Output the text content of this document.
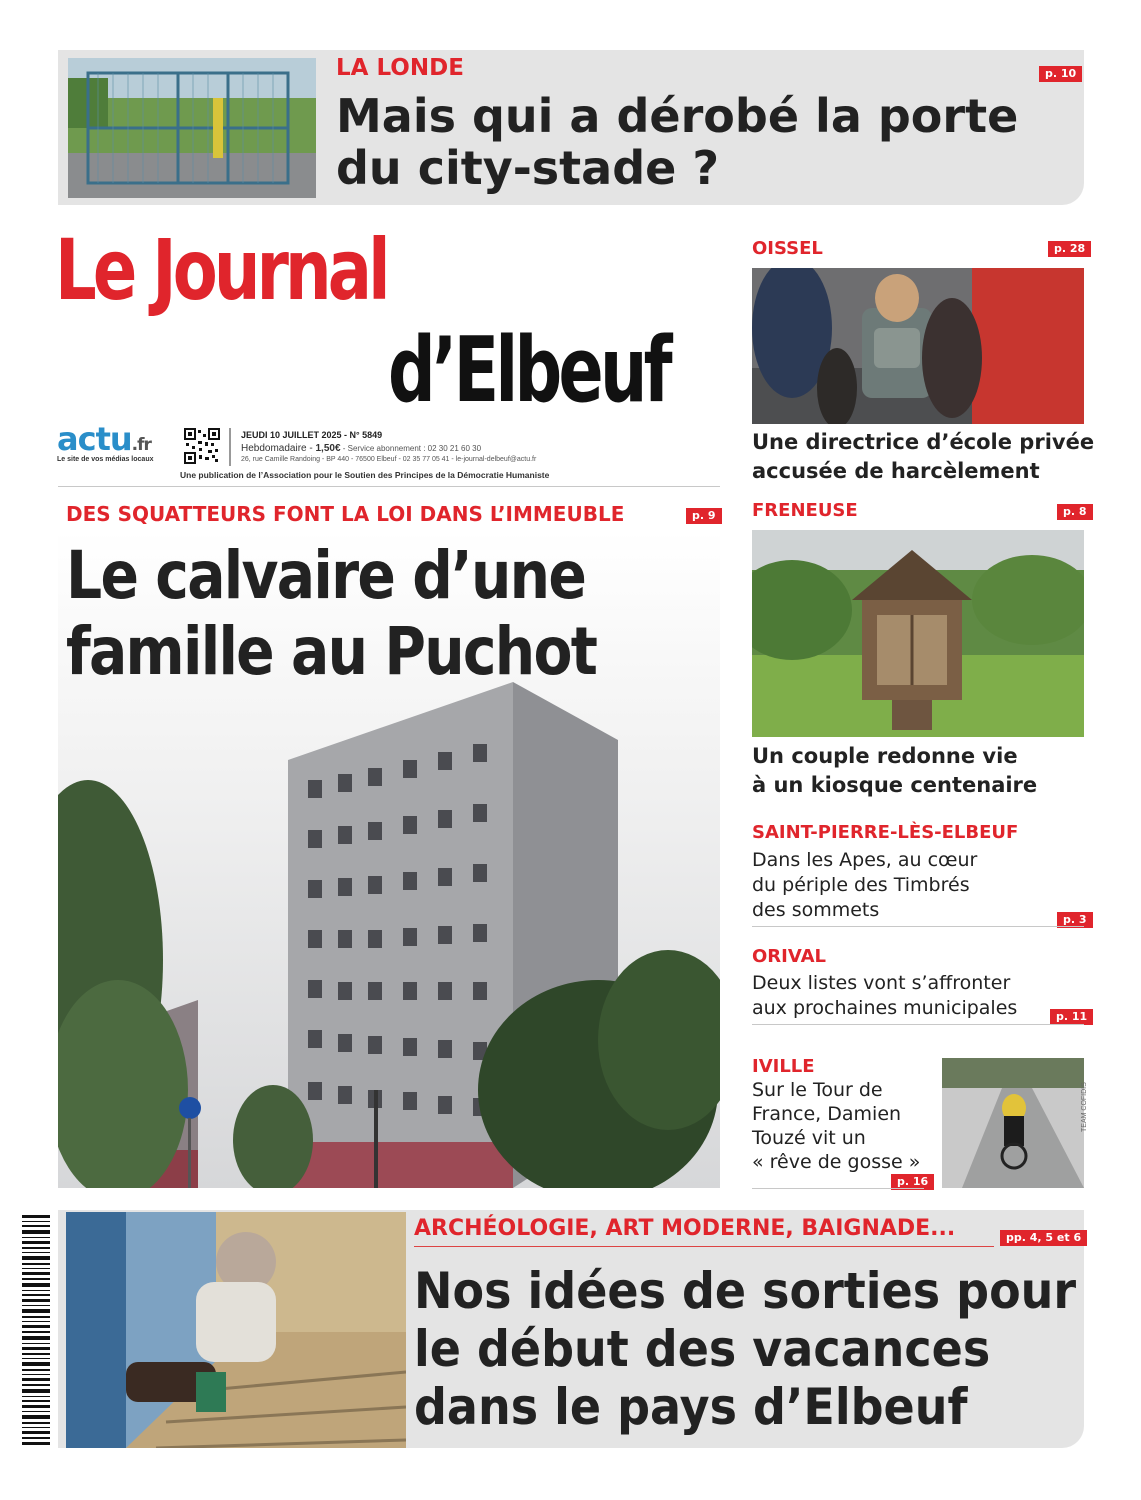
LA LONDE	p. 10
Mais qui a dérobé la porte
du city-stade ?
Le Journal
d’Elbeuf
actu.fr
Le site de vos médias locaux
JEUDI 10 JUILLET 2025 - N° 5849
Hebdomadaire - 1,50€ - Service abonnement : 02 30 21 60 30
26, rue Camille Randoing - BP 440 - 76500 Elbeuf - 02 35 77 05 41 - le-journal-delbeuf@actu.fr
Une publication de l’Association pour le Soutien des Principes de la Démocratie Humaniste
DES SQUATTEURS FONT LA LOI DANS L’IMMEUBLE	p. 9
Le calvaire d’une
famille au Puchot
OISSEL	p. 28
Une directrice d’école privée
accusée de harcèlement
FRENEUSE	p. 8
Un couple redonne vie
à un kiosque centenaire
SAINT-PIERRE-LÈS-ELBEUF
Dans les Apes, au cœur
du périple des Timbrés
des sommets	p. 3
ORIVAL
Deux listes vont s’affronter
aux prochaines municipales	p. 11
IVILLE
Sur le Tour de
France, Damien
Touzé vit un
« rêve de gosse »
p. 16
TEAM COFIDIS
ARCHÉOLOGIE, ART MODERNE, BAIGNADE...	pp. 4, 5 et 6
Nos idées de sorties pour
le début des vacances
dans le pays d’Elbeuf
